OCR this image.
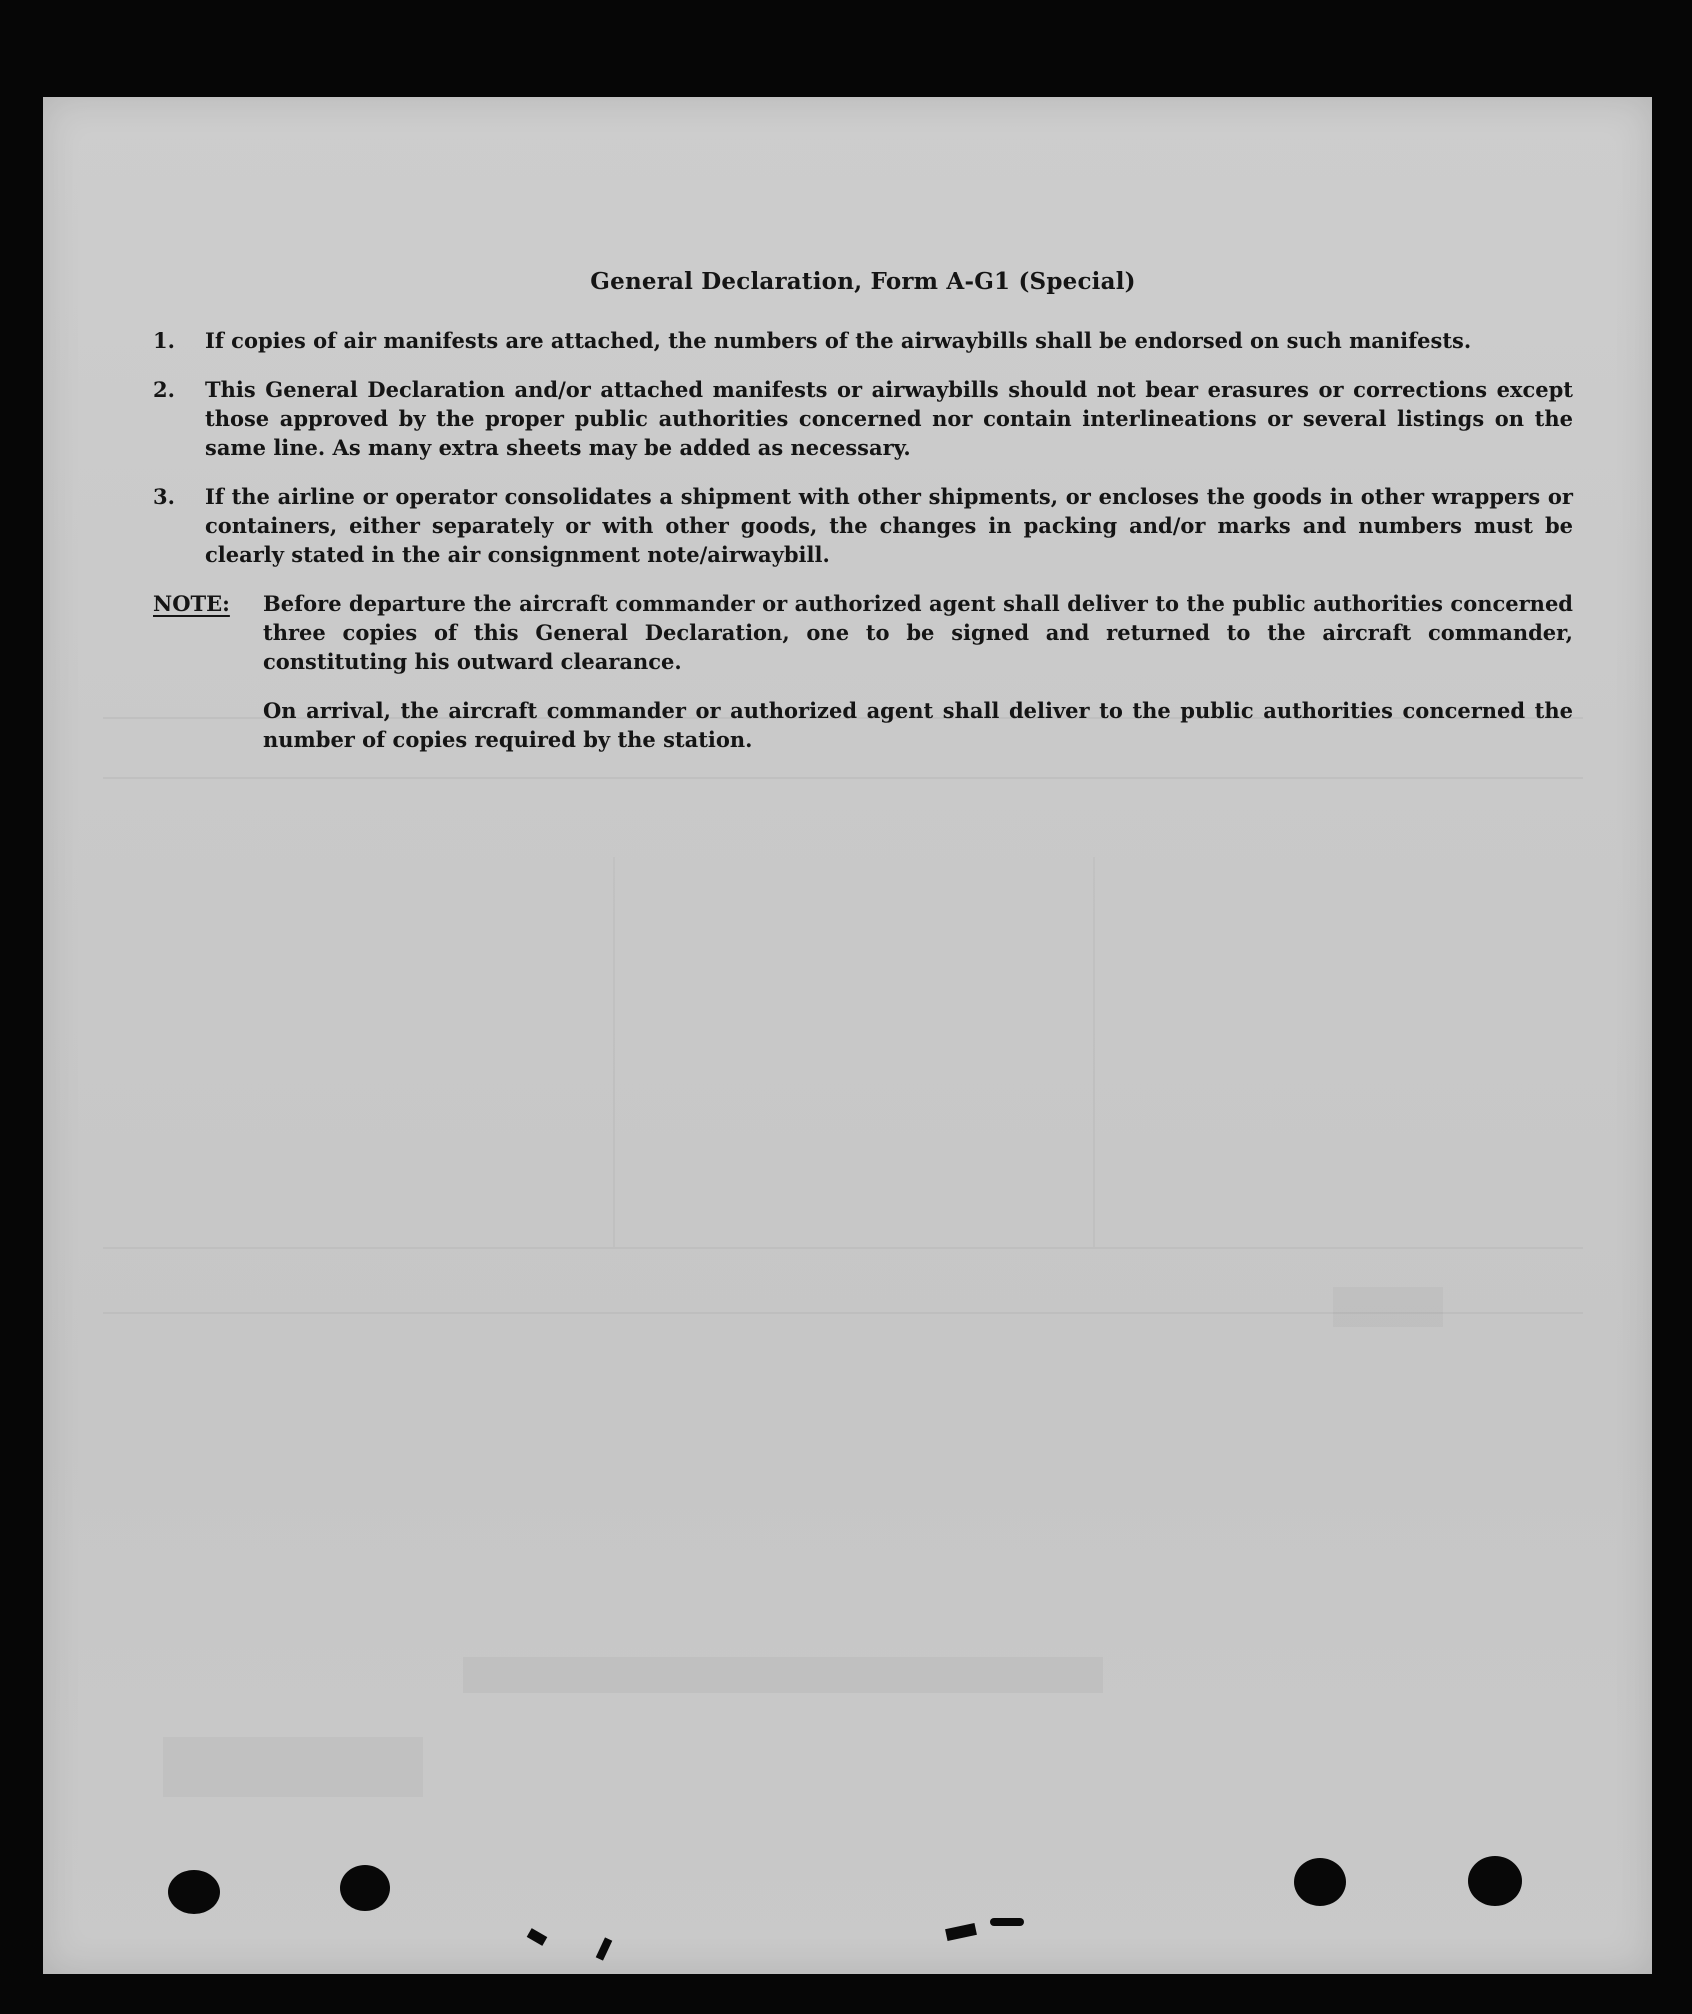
General Declaration, Form A-G1 (Special)
1.	If copies of air manifests are attached, the numbers of the airwaybills shall be endorsed on such manifests.
2.	This General Declaration and/or attached manifests or airwaybills should not bear erasures or corrections except those approved by the proper public authorities concerned nor contain interlineations or several listings on the same line. As many extra sheets may be added as necessary.
3.	If the airline or operator consolidates a shipment with other shipments, or encloses the goods in other wrappers or containers, either separately or with other goods, the changes in packing and/or marks and numbers must be clearly stated in the air consignment note/airwaybill.
NOTE:	Before departure the aircraft commander or authorized agent shall deliver to the public authorities concerned three copies of this General Declaration, one to be signed and returned to the aircraft commander, constituting his outward clearance.
On arrival, the aircraft commander or authorized agent shall deliver to the public authorities concerned the number of copies required by the station.
